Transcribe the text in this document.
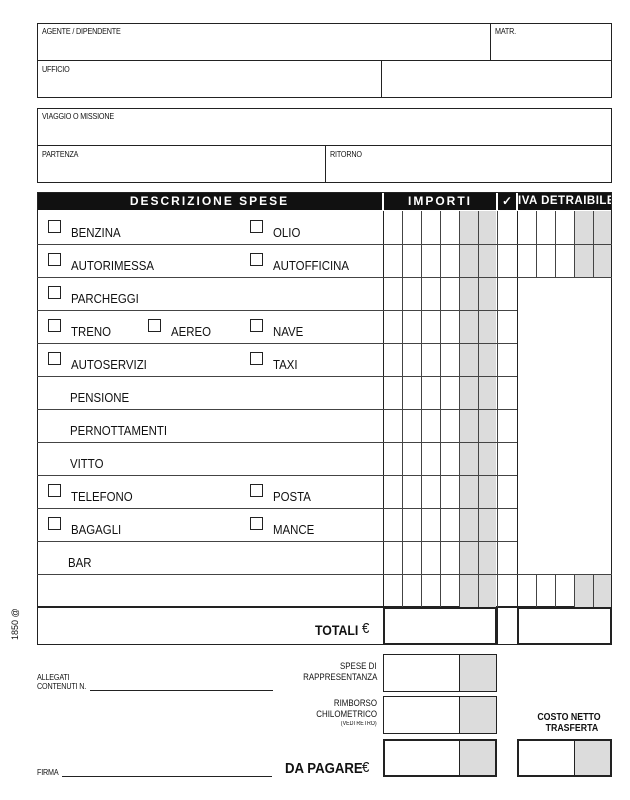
AGENTE / DIPENDENTE	MATR.
UFFICIO
VIAGGIO O MISSIONE
PARTENZA	RITORNO
DESCRIZIONE SPESE	IMPORTI	✓ IVA DETRAIBILE
BENZINA	OLIO
AUTORIMESSA	AUTOFFICINA
PARCHEGGI
TRENO	AEREO	NAVE
AUTOSERVIZI	TAXI
PENSIONE
PERNOTTAMENTI
VITTO
TELEFONO	POSTA
BAGAGLI	MANCE
BAR
TOTALI €
1850 @
ALLEGATI
CONTENUTI N.
SPESE DI
RAPPRESENTANZA
RIMBORSO
CHILOMETRICO
(VEDI RETRO)
COSTO NETTO
TRASFERTA
FIRMA	DA PAGARE €
